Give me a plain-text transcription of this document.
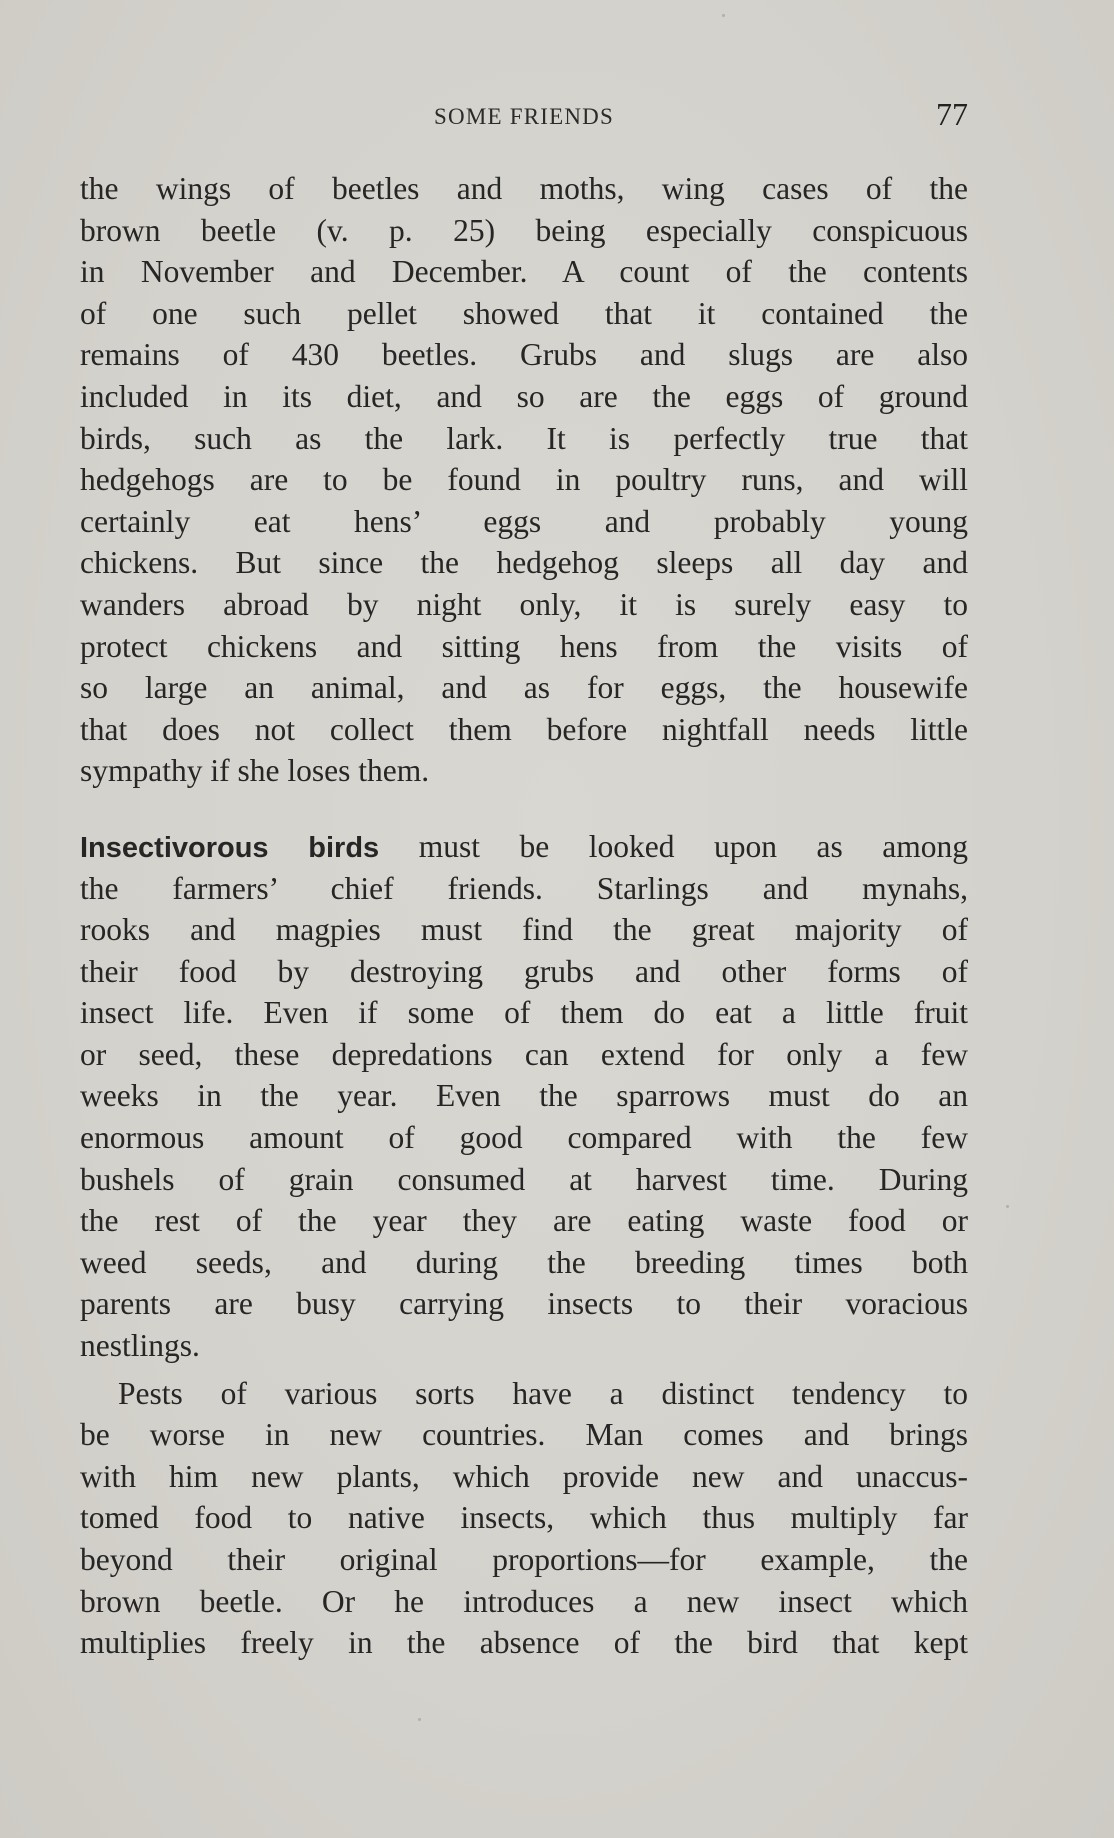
SOME FRIENDS	77
the wings of beetles and moths, wing cases of the
brown beetle (v. p. 25) being especially conspicuous
in November and December. A count of the contents
of one such pellet showed that it contained the
remains of 430 beetles. Grubs and slugs are also
included in its diet, and so are the eggs of ground
birds, such as the lark. It is perfectly true that
hedgehogs are to be found in poultry runs, and will
certainly eat hens’ eggs and probably young
chickens. But since the hedgehog sleeps all day and
wanders abroad by night only, it is surely easy to
protect chickens and sitting hens from the visits of
so large an animal, and as for eggs, the housewife
that does not collect them before nightfall needs little
sympathy if she loses them.
Insectivorous birds must be looked upon as among
the farmers’ chief friends. Starlings and mynahs,
rooks and magpies must find the great majority of
their food by destroying grubs and other forms of
insect life. Even if some of them do eat a little fruit
or seed, these depredations can extend for only a few
weeks in the year. Even the sparrows must do an
enormous amount of good compared with the few
bushels of grain consumed at harvest time. During
the rest of the year they are eating waste food or
weed seeds, and during the breeding times both
parents are busy carrying insects to their voracious
nestlings.
Pests of various sorts have a distinct tendency to
be worse in new countries. Man comes and brings
with him new plants, which provide new and unaccus-
tomed food to native insects, which thus multiply far
beyond their original proportions—for example, the
brown beetle. Or he introduces a new insect which
multiplies freely in the absence of the bird that kept
